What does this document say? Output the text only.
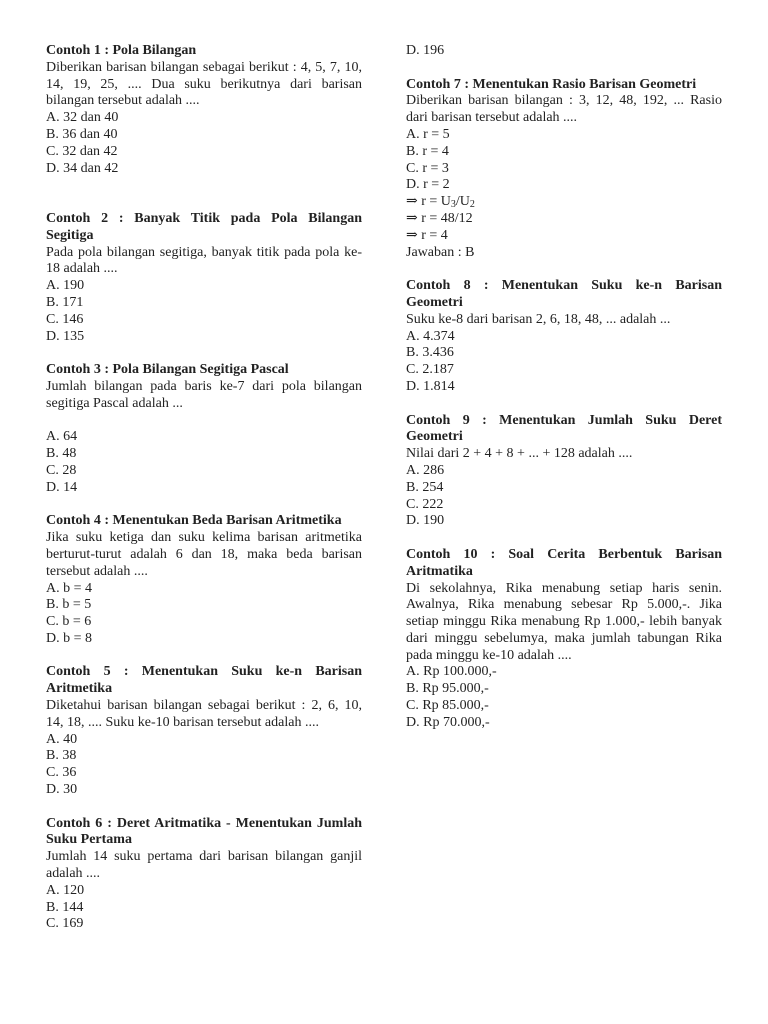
Contoh 1 : Pola Bilangan

Diberikan barisan bilangan sebagai berikut : 4, 5, 7, 10, 14, 19, 25, .... Dua suku berikutnya dari barisan bilangan tersebut adalah ....

A. 32 dan 40

B. 36 dan 40

C. 32 dan 42

D. 34 dan 42

Contoh 2 : Banyak Titik pada Pola Bilangan Segitiga

Pada pola bilangan segitiga, banyak titik pada pola ke-18 adalah ....

A. 190

B. 171

C. 146

D. 135

Contoh 3 : Pola Bilangan Segitiga Pascal

Jumlah bilangan pada baris ke-7 dari pola bilangan segitiga Pascal adalah ...

A. 64

B. 48

C. 28

D. 14

Contoh 4 : Menentukan Beda Barisan Aritmetika

Jika suku ketiga dan suku kelima barisan aritmetika berturut-turut adalah 6 dan 18, maka beda barisan tersebut adalah ....

A. b = 4

B. b = 5

C. b = 6

D. b = 8

Contoh 5 : Menentukan Suku ke-n Barisan Aritmetika

Diketahui barisan bilangan sebagai berikut : 2, 6, 10, 14, 18, .... Suku ke-10 barisan tersebut adalah ....

A. 40

B. 38

C. 36

D. 30

Contoh 6 : Deret Aritmatika - Menentukan Jumlah Suku Pertama

Jumlah 14 suku pertama dari barisan bilangan ganjil adalah ....

A. 120

B. 144

C. 169

D. 196

Contoh 7 : Menentukan Rasio Barisan Geometri

Diberikan barisan bilangan : 3, 12, 48, 192, ... Rasio dari barisan tersebut adalah ....

A. r = 5

B. r = 4

C. r = 3

D. r = 2

⇒ $r = U_3/U_2$

⇒ r = 48/12

⇒ r = 4

Jawaban : B

Contoh 8 : Menentukan Suku ke-n Barisan Geometri

Suku ke-8 dari barisan 2, 6, 18, 48, ... adalah ...

A. 4.374

B. 3.436

C. 2.187

D. 1.814

Contoh 9 : Menentukan Jumlah Suku Deret Geometri

Nilai dari 2 + 4 + 8 + ... + 128 adalah ....

A. 286

B. 254

C. 222

D. 190

Contoh 10 : Soal Cerita Berbentuk Barisan Aritmatika

Di sekolahnya, Rika menabung setiap haris senin. Awalnya, Rika menabung sebesar Rp 5.000,-. Jika setiap minggu Rika menabung Rp 1.000,- lebih banyak dari minggu sebelumya, maka jumlah tabungan Rika pada minggu ke-10 adalah ....

A. Rp 100.000,-

B. Rp 95.000,-

C. Rp 85.000,-

D. Rp 70.000,-
